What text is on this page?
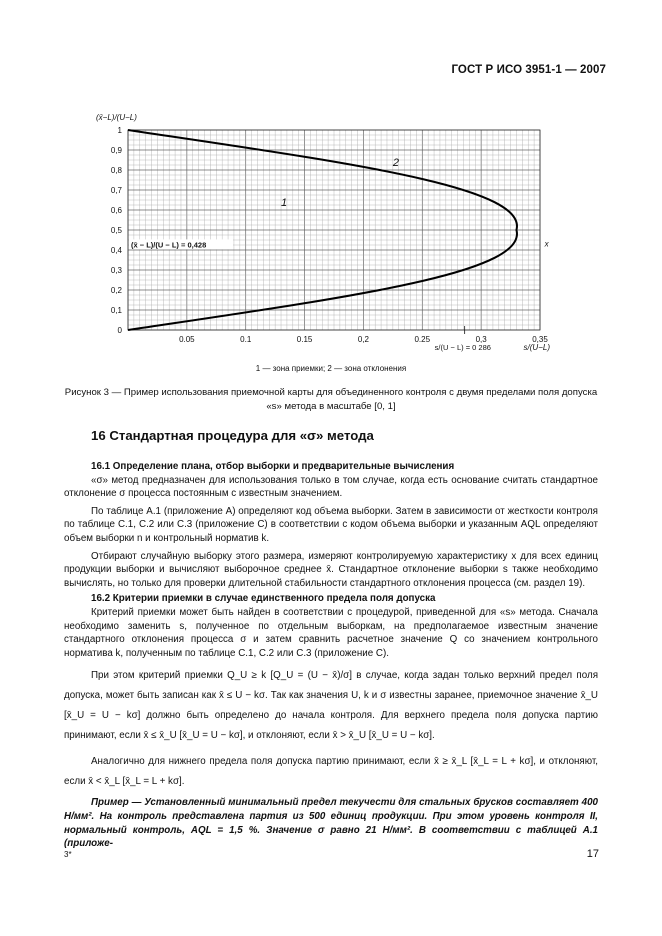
ГОСТ Р ИСО 3951-1 — 2007
0
0,1
0,2
0,3
0,4
0,5
0,6
0,7
0,8
0,9
1
0.05	0.1	0.15	0,2	0.25	0,3	0,35
(x̄−L)/(U−L)
s/(U−L)
1
2
x
(x̄ − L)/(U − L) = 0,428
s/(U − L) = 0 286
1 — зона приемки; 2 — зона отклонения
Рисунок 3 — Пример использования приемочной карты для объединенного контроля с двумя пределами поля допуска «s» метода в масштабе [0, 1]
16 Стандартная процедура для «σ» метода

16.1 Определение плана, отбор выборки и предварительные вычисления

«σ» метод предназначен для использования только в том случае, когда есть основание считать стандартное отклонение σ процесса постоянным с известным значением.

По таблице А.1 (приложение А) определяют код объема выборки. Затем в зависимости от жесткости контроля по таблице С.1, С.2 или С.3 (приложение С) в соответствии с кодом объема выборки и указанным AQL определяют объем выборки n и контрольный норматив k.

Отбирают случайную выборку этого размера, измеряют контролируемую характеристику x для всех единиц продукции выборки и вычисляют выборочное среднее x̄. Стандартное отклонение выборки s также необходимо вычислять, но только для проверки длительной стабильности стандартного отклонения процесса (см. раздел 19).

16.2 Критерии приемки в случае единственного предела поля допуска

Критерий приемки может быть найден в соответствии с процедурой, приведенной для «s» метода. Сначала необходимо заменить s, полученное по отдельным выборкам, на предполагаемое известным значение стандартного отклонения процесса σ и затем сравнить расчетное значение Q со значением контрольного норматива k, полученным по таблице С.1, С.2 или С.3 (приложение С).

При этом критерий приемки Q_U ≥ k [Q_U = (U − x̄)/σ] в случае, когда задан только верхний предел поля допуска, может быть записан как x̄ ≤ U − kσ. Так как значения U, k и σ известны заранее, приемочное значение x̄_U [x̄_U = U − kσ] должно быть определено до начала контроля. Для верхнего предела поля допуска партию принимают, если x̄ ≤ x̄_U [x̄_U = U − kσ], и отклоняют, если x̄ > x̄_U [x̄_U = U − kσ].

Аналогично для нижнего предела поля допуска партию принимают, если x̄ ≥ x̄_L [x̄_L = L + kσ], и отклоняют, если x̄ < x̄_L [x̄_L = L + kσ].

Пример — Установленный минимальный предел текучести для стальных брусков составляет 400 Н/мм². На контроль представлена партия из 500 единиц продукции. При этом уровень контроля II, нормальный контроль, AQL = 1,5 %. Значение σ равно 21 Н/мм². В соответствии с таблицей А.1 (приложе-

3*	17
